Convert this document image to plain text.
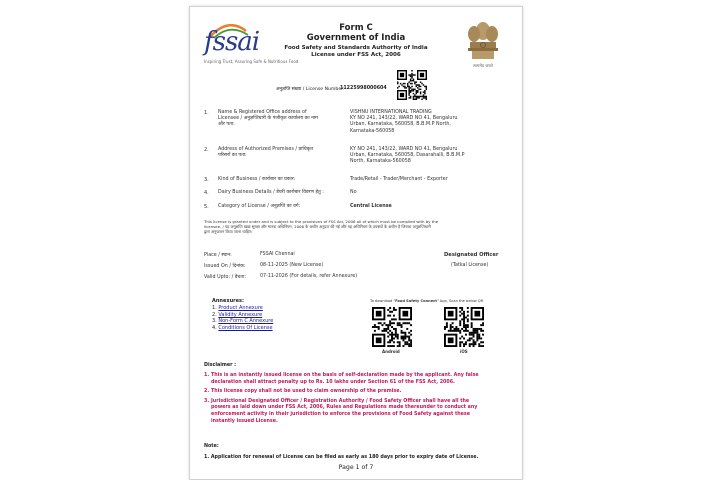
fssai
Inspiring Trust, Assuring Safe & Nutritious Food
सत्यमेव जयते
Form C
Government of India
Food Safety and Standards Authority of India
License under FSS Act, 2006
अनुज्ञप्ति संख्या / License Number:
11225998000604
1. Name & Registered Office address of
Licensee / अनुज्ञप्तिधारी के पंजीकृत कार्यालय का नाम
और पता:
VISHNU INTERNATIONAL TRADING
KY NO 241, 143/22, WARD NO 41, Bengaluru
Urban, Karnataka, 560058, B.B.M.P North,
Karnataka-560058
2. Address of Authorized Premises / प्राधिकृत
परिसरों का पता:
KY NO 241, 143/22, WARD NO 41, Bengaluru
Urban, Karnataka, 560058, Dasarahalli, B.B.M.P
North, Karnataka-560058
3. Kind of Business / कारोबार का प्रकार:	Trade/Retail - Trader/Merchant - Exporter
4. Dairy Business Details / डेयरी कारोबार विवरण हेतु :	No
5. Category of License / अनुज्ञप्ति का वर्ग:	Central License
This license is granted under and is subject to the provisions of FSS Act, 2006 all of which must be complied with by the
licensee. / यह अनुज्ञप्ति खाद्य सुरक्षा और मानक अधिनियम, 2006 के अधीन अनुदत्त की गई और यह अधिनियम के उपबंधों के अधीन है जिनका अनुज्ञप्तिधारी
द्वारा अनुपालन किया जाना चाहिए।
Place / स्थान:	FSSAI Chennai
Issued On / दिनांक:	08-11-2025 (New License)
Valid Upto: / वैधता:	07-11-2026 (For details, refer Annexure)
Designated Officer
(Tatkal License)
Annexures:
1. Product Annexure
2. Validity Annexure
3. Non-Form C Annexure
4. Conditions Of License
To download "Food Safety Connect" App, Scan the below QR
Android	iOS
Disclaimer :
1. This is an instantly issued license on the basis of self-declaration made by the applicant. Any false
declaration shall attract penalty up to Rs. 10 lakhs under Section 61 of the FSS Act, 2006.
2. This license copy shall not be used to claim ownership of the premise.
3. Jurisdictional Designated Officer / Registration Authority / Food Safety Officer shall have all the
powers as laid down under FSS Act, 2006, Rules and Regulations made thereunder to conduct any
enforcement activity in their jurisdiction to enforce the provisions of Food Safety against these
instantly issued License.
Note:
1. Application for renewal of License can be filed as early as 180 days prior to expiry date of License.
Page 1 of 7
